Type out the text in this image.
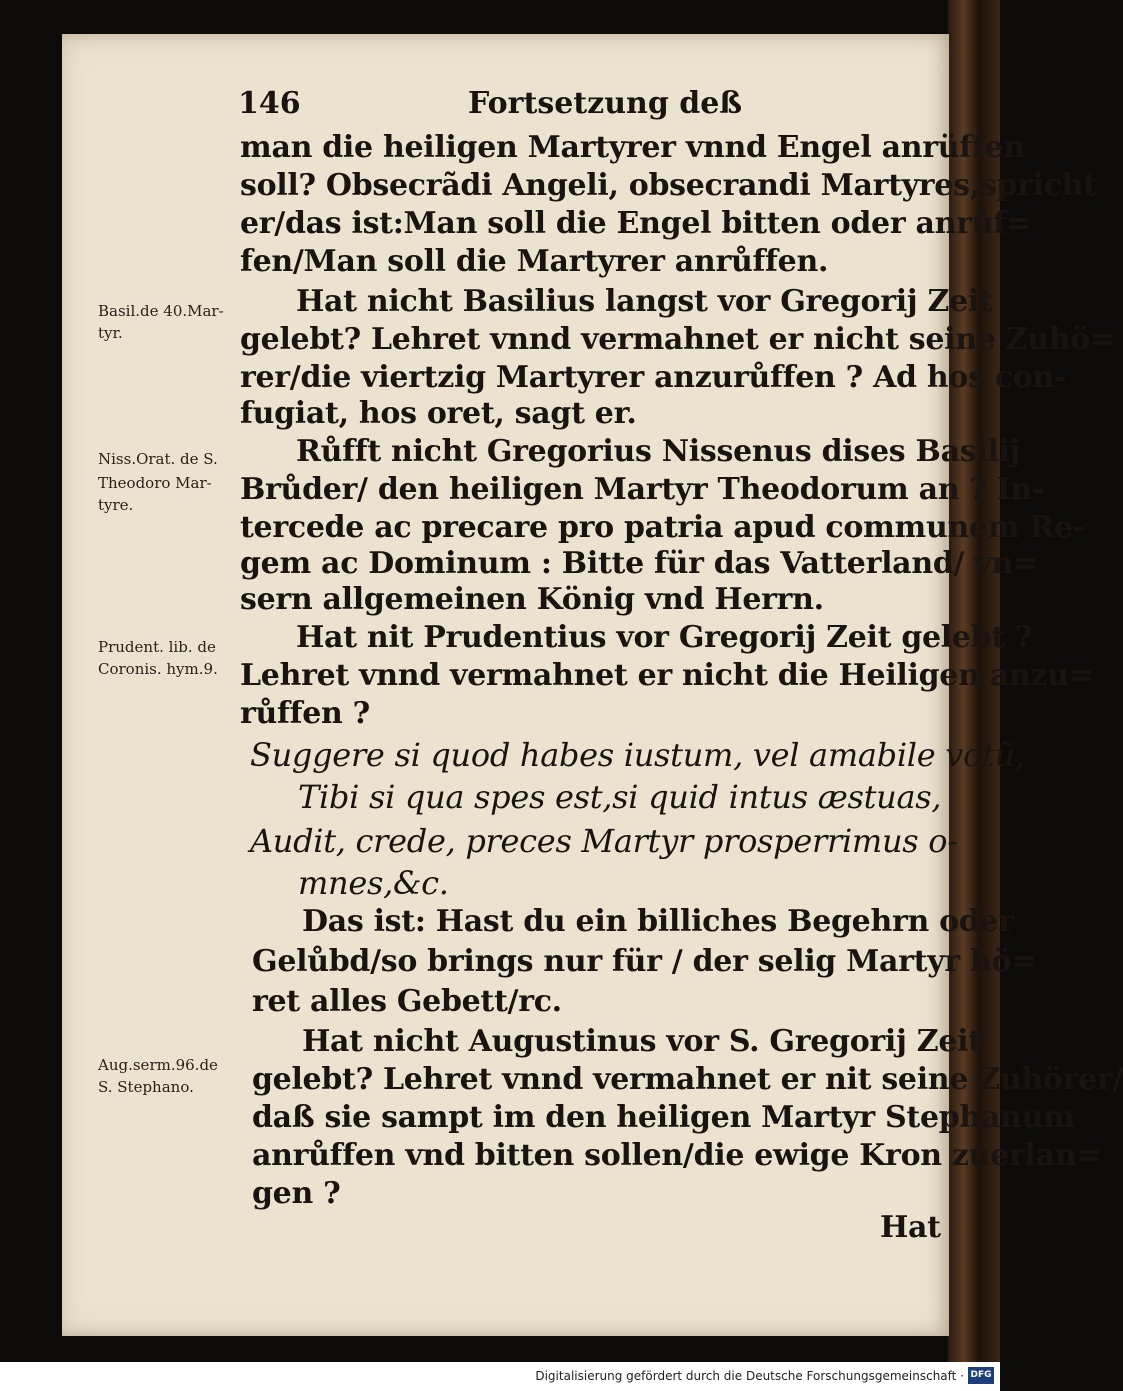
146	Fortsetzung deß
man die heiligen Martyrer vnnd Engel anrüffen
soll? Obsecrãdi Angeli, obsecrandi Martyres,spricht
er/das ist:Man soll die Engel bitten oder anrůf=
fen/Man soll die Martyrer anrůffen.
Hat nicht Basilius langst vor Gregorij Zeit
gelebt? Lehret vnnd vermahnet er nicht seine Zuhö=
rer/die viertzig Martyrer anzurůffen ? Ad hos con-
fugiat, hos oret, sagt er.
Růfft nicht Gregorius Nissenus dises Basilij
Brůder/ den heiligen Martyr Theodorum an ? In-
tercede ac precare pro patria apud communem Re-
gem ac Dominum : Bitte für das Vatterland/ vn=
sern allgemeinen König vnd Herrn.
Hat nit Prudentius vor Gregorij Zeit gelebt ?
Lehret vnnd vermahnet er nicht die Heiligen anzu=
růffen ?
Suggere si quod habes iustum, vel amabile votũ,
Tibi si qua spes est,si quid intus æstuas,
Audit, crede, preces Martyr prosperrimus o-
mnes,&c.
Das ist: Hast du ein billiches Begehrn oder
Gelůbd/so brings nur für / der selig Martyr hö=
ret alles Gebett/rc.
Hat nicht Augustinus vor S. Gregorij Zeit
gelebt? Lehret vnnd vermahnet er nit seine Zuhörer/
daß sie sampt im den heiligen Martyr Stephanum
anrůffen vnd bitten sollen/die ewige Kron zuerlan=
gen ?
Hat
Basil.de 40.Mar-
tyr.
Niss.Orat. de S.
Theodoro Mar-
tyre.
Prudent. lib. de
Coronis. hym.9.
Aug.serm.96.de
S. Stephano.
Digitalisierung gefördert durch die Deutsche Forschungsgemeinschaft · DFG
